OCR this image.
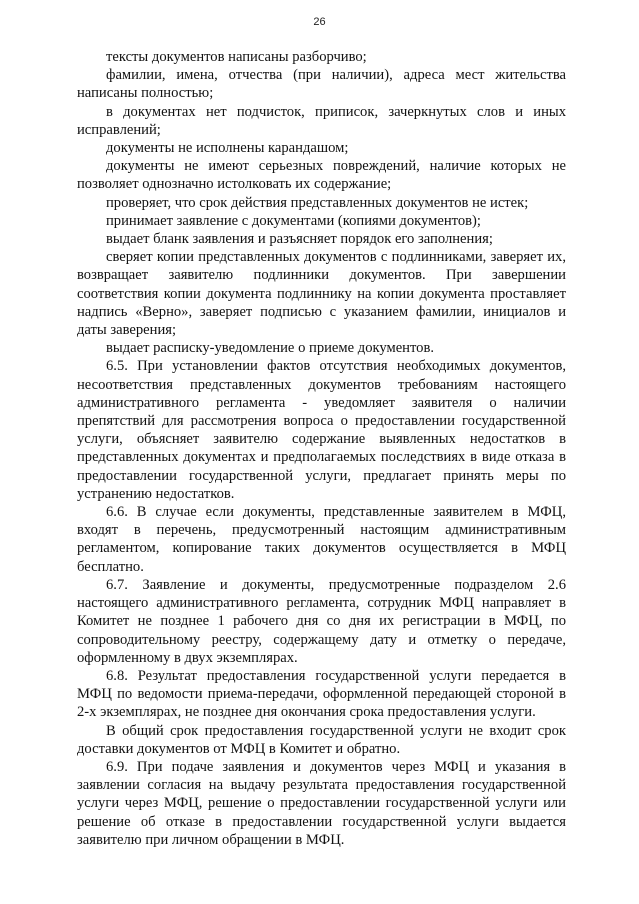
26

тексты документов написаны разборчиво;

фамилии, имена, отчества (при наличии), адреса мест жительства написаны полностью;

в документах нет подчисток, приписок, зачеркнутых слов и иных исправлений;

документы не исполнены карандашом;

документы не имеют серьезных повреждений, наличие которых не позволяет однозначно истолковать их содержание;

проверяет, что срок действия представленных документов не истек;

принимает заявление с документами (копиями документов);

выдает бланк заявления и разъясняет порядок его заполнения;

сверяет копии представленных документов с подлинниками, заверяет их, возвращает заявителю подлинники документов. При завершении соответствия копии документа подлиннику на копии документа проставляет надпись «Верно», заверяет подписью с указанием фамилии, инициалов и даты заверения;

выдает расписку-уведомление о приеме документов.

6.5. При установлении фактов отсутствия необходимых документов, несоответствия представленных документов требованиям настоящего административного регламента - уведомляет заявителя о наличии препятствий для рассмотрения вопроса о предоставлении государственной услуги, объясняет заявителю содержание выявленных недостатков в представленных документах и предполагаемых последствиях в виде отказа в предоставлении государственной услуги, предлагает принять меры по устранению недостатков.

6.6. В случае если документы, представленные заявителем в МФЦ, входят в перечень, предусмотренный настоящим административным регламентом, копирование таких документов осуществляется в МФЦ бесплатно.

6.7. Заявление и документы, предусмотренные подразделом 2.6 настоящего административного регламента, сотрудник МФЦ направляет в Комитет не позднее 1 рабочего дня со дня их регистрации в МФЦ, по сопроводительному реестру, содержащему дату и отметку о передаче, оформленному в двух экземплярах.

6.8. Результат предоставления государственной услуги передается в МФЦ по ведомости приема-передачи, оформленной передающей стороной в 2-х экземплярах, не позднее дня окончания срока предоставления услуги.

В общий срок предоставления государственной услуги не входит срок доставки документов от МФЦ в Комитет и обратно.

6.9. При подаче заявления и документов через МФЦ и указания в заявлении согласия на выдачу результата предоставления государственной услуги через МФЦ, решение о предоставлении государственной услуги или решение об отказе в предоставлении государственной услуги выдается заявителю при личном обращении в МФЦ.
